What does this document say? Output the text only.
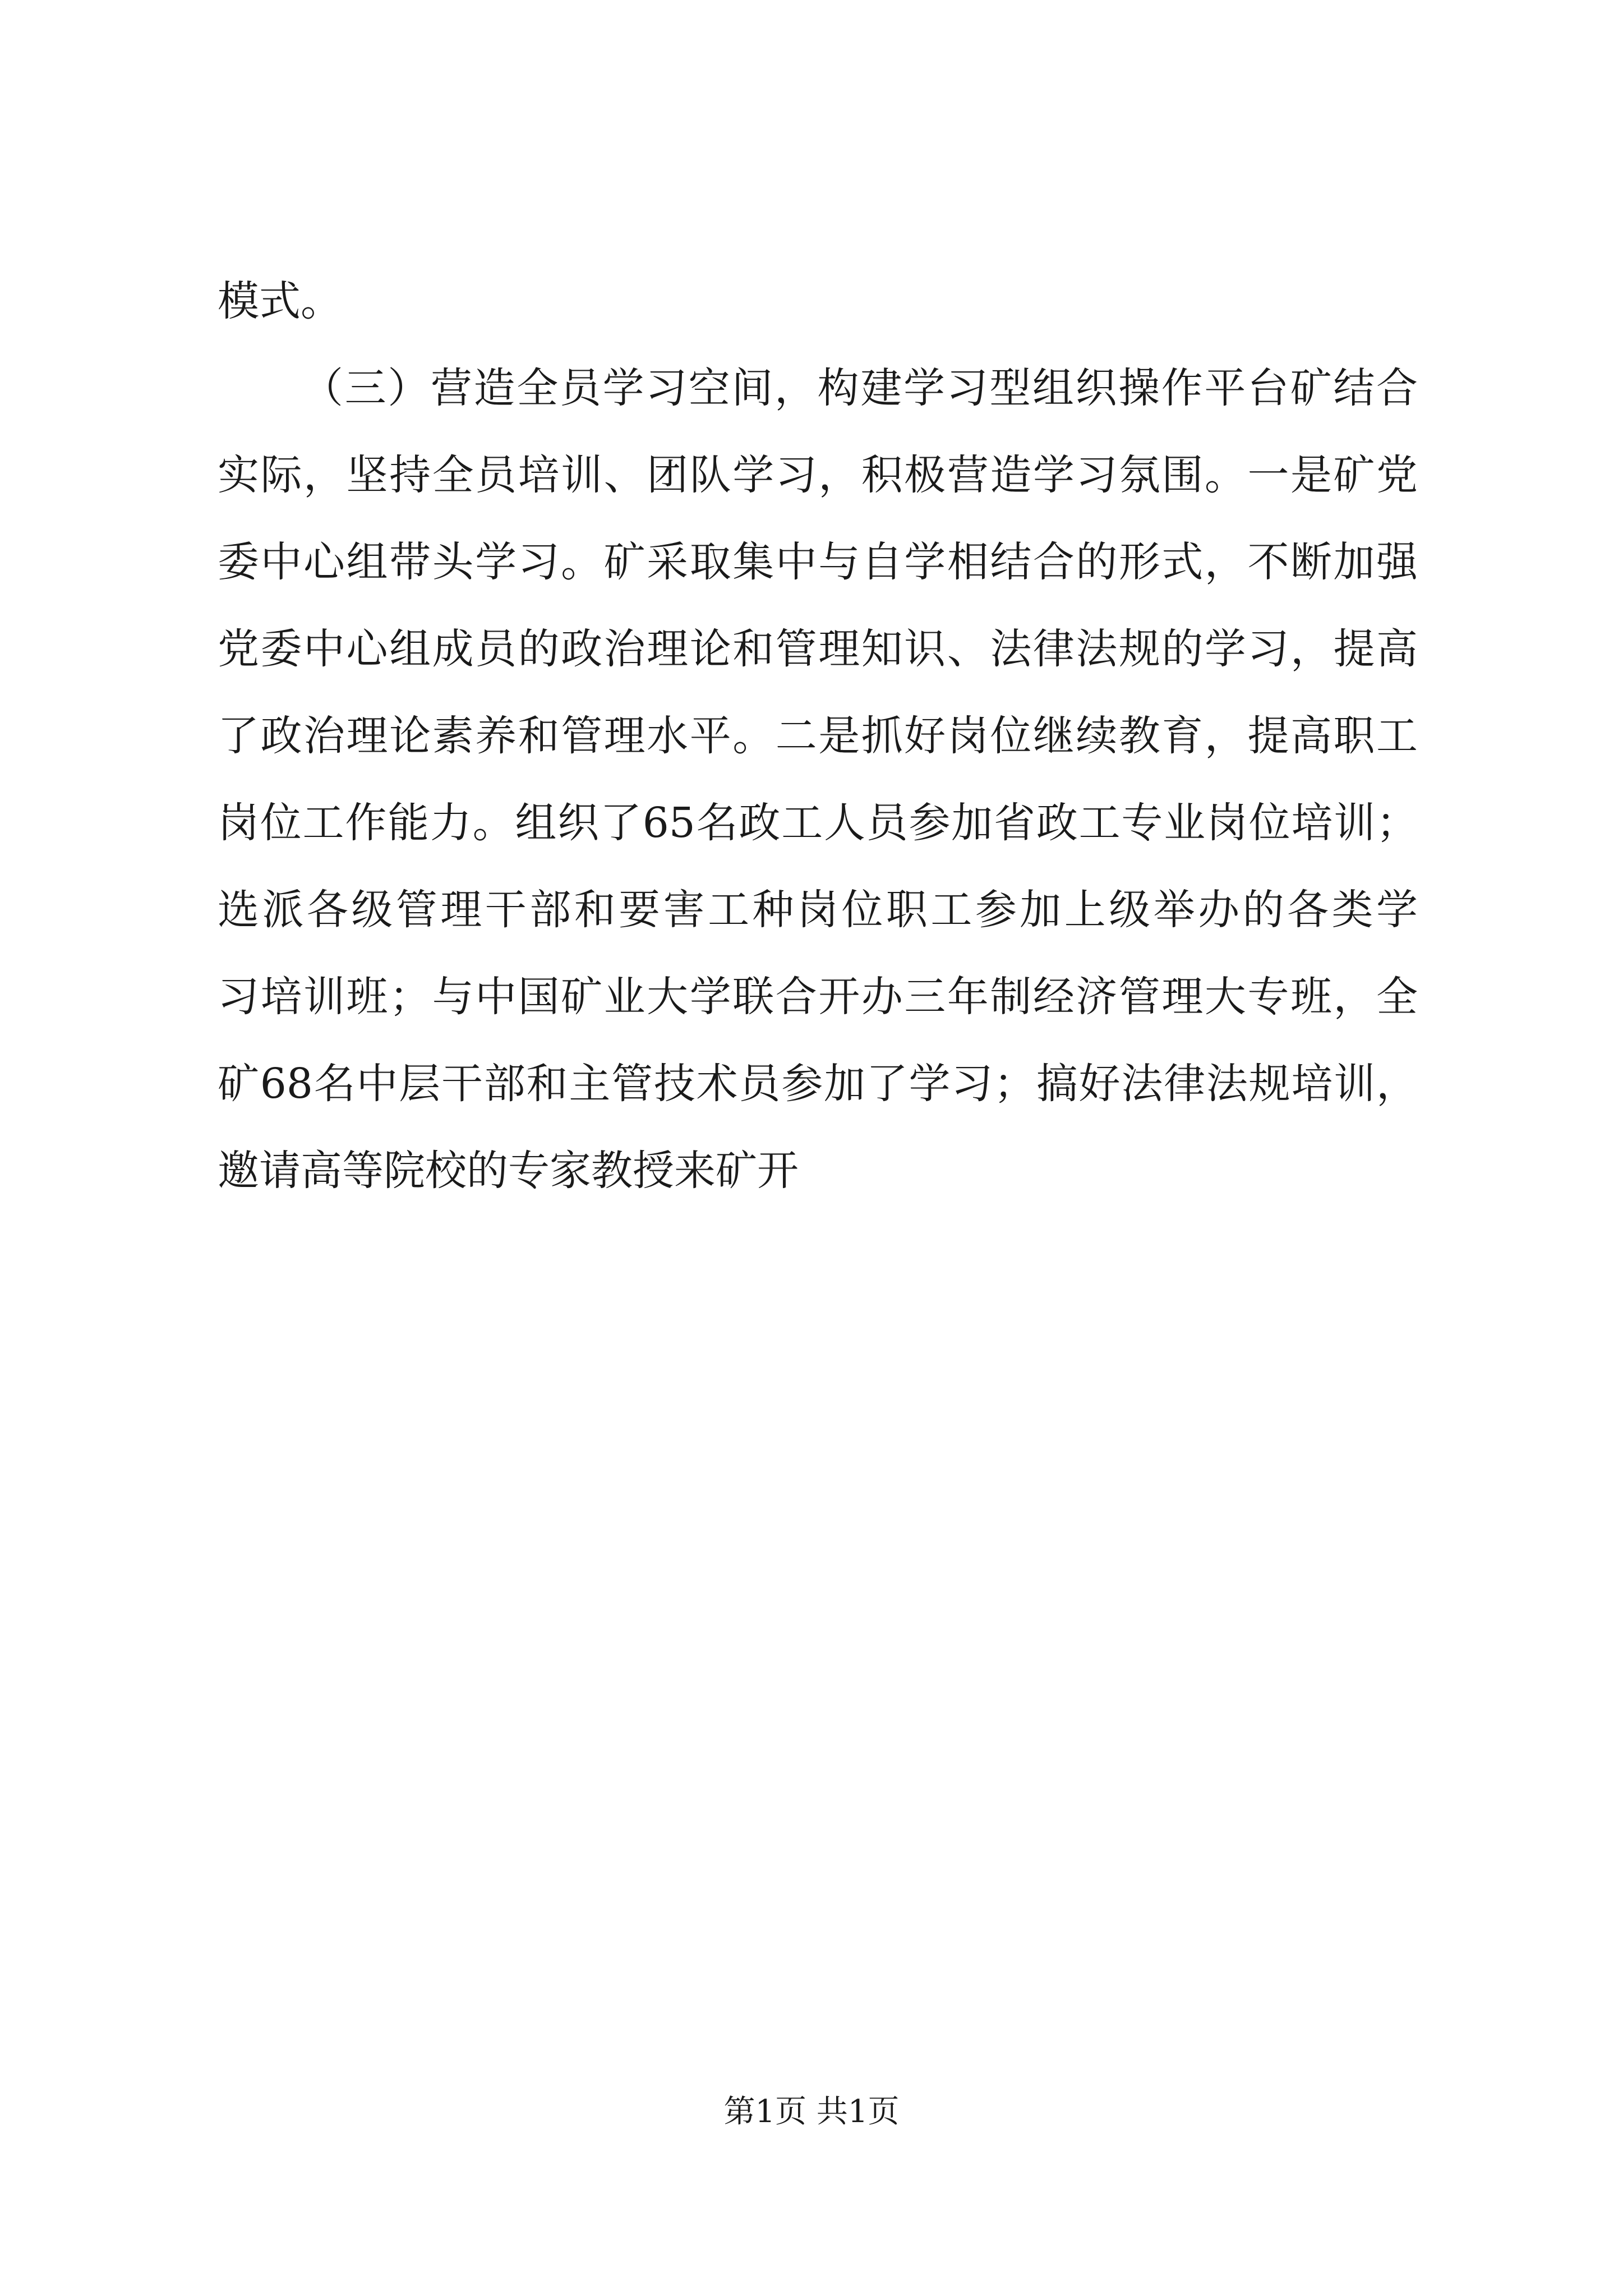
模式。
（三）营造全员学习空间，构建学习型组织操作平台矿结合
实际，坚持全员培训、团队学习，积极营造学习氛围。一是矿党
委中心组带头学习。矿采取集中与自学相结合的形式，不断加强
党委中心组成员的政治理论和管理知识、法律法规的学习，提高
了政治理论素养和管理水平。二是抓好岗位继续教育，提高职工
岗位工作能力。组织了65名政工人员参加省政工专业岗位培训；
选派各级管理干部和要害工种岗位职工参加上级举办的各类学
习培训班；与中国矿业大学联合开办三年制经济管理大专班，全
矿68名中层干部和主管技术员参加了学习；搞好法律法规培训，
邀请高等院校的专家教授来矿开
第1页 共1页
